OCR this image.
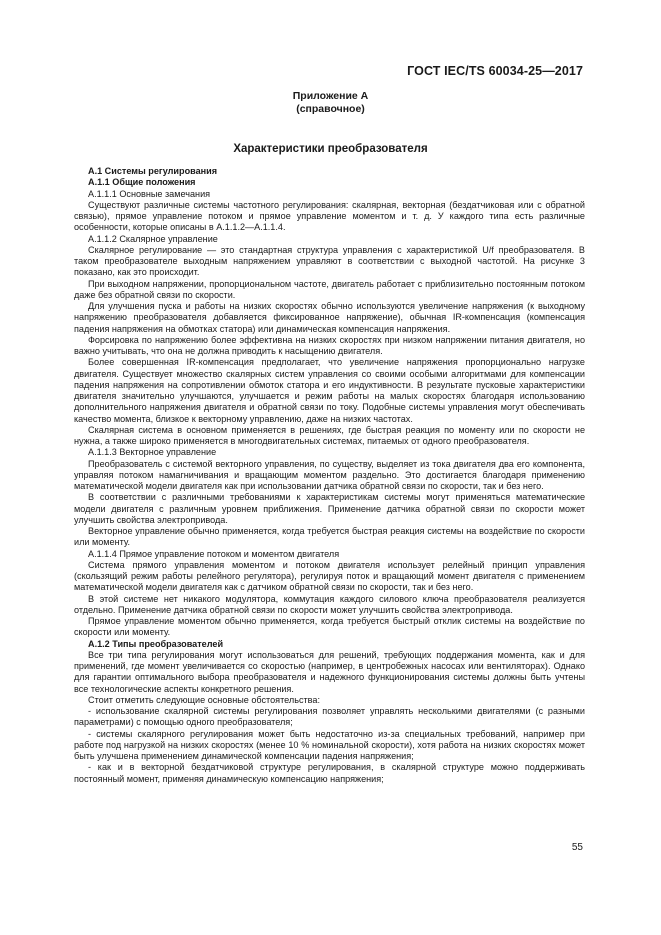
ГОСТ IEC/TS 60034-25—2017
Приложение A
(справочное)
Характеристики преобразователя

A.1 Системы регулирования

A.1.1 Общие положения

A.1.1.1 Основные замечания

Существуют различные системы частотного регулирования: скалярная, векторная (бездатчиковая или с обратной связью), прямое управление потоком и прямое управление моментом и т. д. У каждого типа есть различные особенности, которые описаны в A.1.1.2—A.1.1.4.

A.1.1.2 Скалярное управление

Скалярное регулирование — это стандартная структура управления с характеристикой U/f преобразователя. В таком преобразователе выходным напряжением управляют в соответствии с выходной частотой. На рисунке 3 показано, как это происходит.

При выходном напряжении, пропорциональном частоте, двигатель работает с приблизительно постоянным потоком даже без обратной связи по скорости.

Для улучшения пуска и работы на низких скоростях обычно используются увеличение напряжения (к выходному напряжению преобразователя добавляется фиксированное напряжение), обычная IR-компенсация (компенсация падения напряжения на обмотках статора) или динамическая компенсация напряжения.

Форсировка по напряжению более эффективна на низких скоростях при низком напряжении питания двигателя, но важно учитывать, что она не должна приводить к насыщению двигателя.

Более совершенная IR-компенсация предполагает, что увеличение напряжения пропорционально нагрузке двигателя. Существует множество скалярных систем управления со своими особыми алгоритмами для компенсации падения напряжения на сопротивлении обмоток статора и его индуктивности. В результате пусковые характеристики двигателя значительно улучшаются, улучшается и режим работы на малых скоростях благодаря использованию дополнительного напряжения двигателя и обратной связи по току. Подобные системы управления могут обеспечивать качество момента, близкое к векторному управлению, даже на низких частотах.

Скалярная система в основном применяется в решениях, где быстрая реакция по моменту или по скорости не нужна, а также широко применяется в многодвигательных системах, питаемых от одного преобразователя.

A.1.1.3 Векторное управление

Преобразователь с системой векторного управления, по существу, выделяет из тока двигателя два его компонента, управляя потоком намагничивания и вращающим моментом раздельно. Это достигается благодаря применению математической модели двигателя как при использовании датчика обратной связи по скорости, так и без него.

В соответствии с различными требованиями к характеристикам системы могут применяться математические модели двигателя с различным уровнем приближения. Применение датчика обратной связи по скорости может улучшить свойства электропривода.

Векторное управление обычно применяется, когда требуется быстрая реакция системы на воздействие по скорости или моменту.

A.1.1.4 Прямое управление потоком и моментом двигателя

Система прямого управления моментом и потоком двигателя использует релейный принцип управления (скользящий режим работы релейного регулятора), регулируя поток и вращающий момент двигателя с применением математической модели двигателя как с датчиком обратной связи по скорости, так и без него.

В этой системе нет никакого модулятора, коммутация каждого силового ключа преобразователя реализуется отдельно. Применение датчика обратной связи по скорости может улучшить свойства электропривода.

Прямое управление моментом обычно применяется, когда требуется быстрый отклик системы на воздействие по скорости или моменту.

A.1.2 Типы преобразователей

Все три типа регулирования могут использоваться для решений, требующих поддержания момента, как и для применений, где момент увеличивается со скоростью (например, в центробежных насосах или вентиляторах). Однако для гарантии оптимального выбора преобразователя и надежного функционирования системы должны быть учтены все технологические аспекты конкретного решения.

Стоит отметить следующие основные обстоятельства:

- использование скалярной системы регулирования позволяет управлять несколькими двигателями (с разными параметрами) с помощью одного преобразователя;

- системы скалярного регулирования может быть недостаточно из-за специальных требований, например при работе под нагрузкой на низких скоростях (менее 10 % номинальной скорости), хотя работа на низких скоростях может быть улучшена применением динамической компенсации падения напряжения;

- как и в векторной бездатчиковой структуре регулирования, в скалярной структуре можно поддерживать постоянный момент, применяя динамическую компенсацию напряжения;

55
